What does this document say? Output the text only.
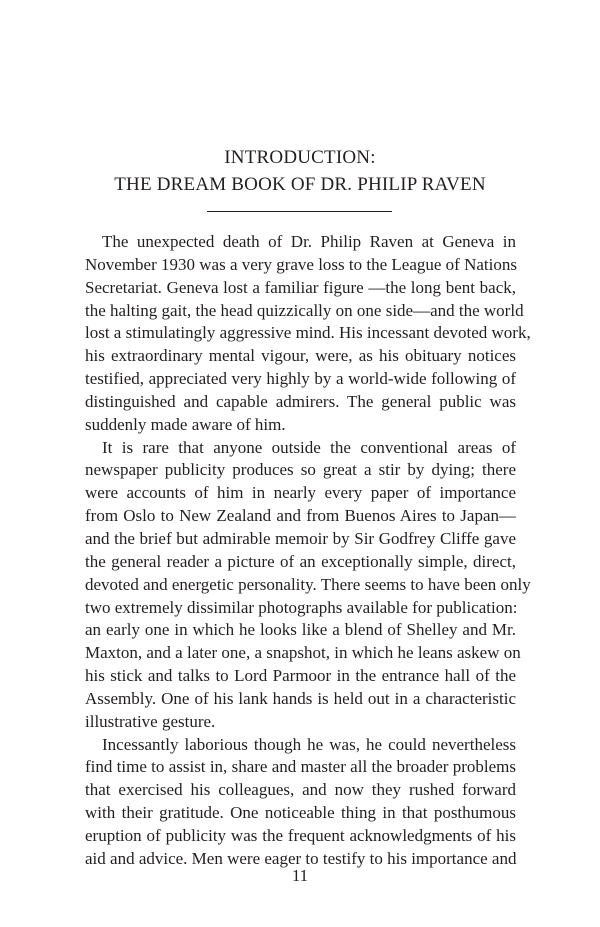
INTRODUCTION:
THE DREAM BOOK OF DR. PHILIP RAVEN
The unexpected death of Dr. Philip Raven at Geneva in
November 1930 was a very grave loss to the League of Nations
Secretariat. Geneva lost a familiar figure —the long bent back,
the halting gait, the head quizzically on one side—and the world
lost a stimulatingly aggressive mind. His incessant devoted work,
his extraordinary mental vigour, were, as his obituary notices
testified, appreciated very highly by a world-wide following of
distinguished and capable admirers. The general public was
suddenly made aware of him.
It is rare that anyone outside the conventional areas of
newspaper publicity produces so great a stir by dying; there
were accounts of him in nearly every paper of importance
from Oslo to New Zealand and from Buenos Aires to Japan—
and the brief but admirable memoir by Sir Godfrey Cliffe gave
the general reader a picture of an exceptionally simple, direct,
devoted and energetic personality. There seems to have been only
two extremely dissimilar photographs available for publication:
an early one in which he looks like a blend of Shelley and Mr.
Maxton, and a later one, a snapshot, in which he leans askew on
his stick and talks to Lord Parmoor in the entrance hall of the
Assembly. One of his lank hands is held out in a characteristic
illustrative gesture.
Incessantly laborious though he was, he could nevertheless
find time to assist in, share and master all the broader problems
that exercised his colleagues, and now they rushed forward
with their gratitude. One noticeable thing in that posthumous
eruption of publicity was the frequent acknowledgments of his
aid and advice. Men were eager to testify to his importance and
11
